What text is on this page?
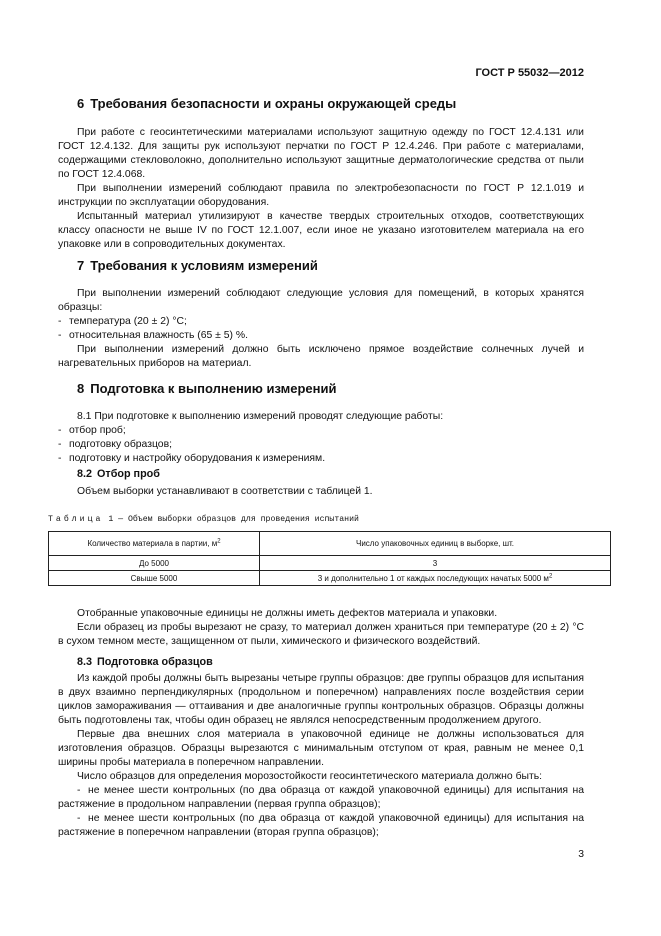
ГОСТ Р 55032—2012
6 Требования безопасности и охраны окружающей среды

При работе с геосинтетическими материалами используют защитную одежду по ГОСТ 12.4.131 или ГОСТ 12.4.132. Для защиты рук используют перчатки по ГОСТ Р 12.4.246. При работе с материалами, содержащими стекловолокно, дополнительно используют защитные дерматологические средства от пыли по ГОСТ 12.4.068.

При выполнении измерений соблюдают правила по электробезопасности по ГОСТ Р 12.1.019 и инструкции по эксплуатации оборудования.

Испытанный материал утилизируют в качестве твердых строительных отходов, соответствующих классу опасности не выше IV по ГОСТ 12.1.007, если иное не указано изготовителем материала на его упаковке или в сопроводительных документах.

7 Требования к условиям измерений

При выполнении измерений соблюдают следующие условия для помещений, в которых хранятся образцы:

- температура (20 ± 2) °С;

- относительная влажность (65 ± 5) %.

При выполнении измерений должно быть исключено прямое воздействие солнечных лучей и нагревательных приборов на материал.

8 Подготовка к выполнению измерений

8.1 При подготовке к выполнению измерений проводят следующие работы:

- отбор проб;

- подготовку образцов;

- подготовку и настройку оборудования к измерениям.

8.2 Отбор проб

Объем выборки устанавливают в соответствии с таблицей 1.

Таблица 1 — Объем выборки образцов для проведения испытаний
Количество материала в партии, $м^2$	Число упаковочных единиц в выборке, шт.
До 5000	3
Свыше 5000	3 и дополнительно 1 от каждых последующих начатых 5000 $м^2$

Отобранные упаковочные единицы не должны иметь дефектов материала и упаковки.

Если образец из пробы вырезают не сразу, то материал должен храниться при температуре (20 ± 2) °С в сухом темном месте, защищенном от пыли, химического и физического воздействий.

8.3 Подготовка образцов

Из каждой пробы должны быть вырезаны четыре группы образцов: две группы образцов для испытания в двух взаимно перпендикулярных (продольном и поперечном) направлениях после воздействия серии циклов замораживания — оттаивания и две аналогичные группы контрольных образцов. Образцы должны быть подготовлены так, чтобы один образец не являлся непосредственным продолжением другого.

Первые два внешних слоя материала в упаковочной единице не должны использоваться для изготовления образцов. Образцы вырезаются с минимальным отступом от края, равным не менее 0,1 ширины пробы материала в поперечном направлении.

Число образцов для определения морозостойкости геосинтетического материала должно быть:

- не менее шести контрольных (по два образца от каждой упаковочной единицы) для испытания на растяжение в продольном направлении (первая группа образцов);

- не менее шести контрольных (по два образца от каждой упаковочной единицы) для испытания на растяжение в поперечном направлении (вторая группа образцов);

3
